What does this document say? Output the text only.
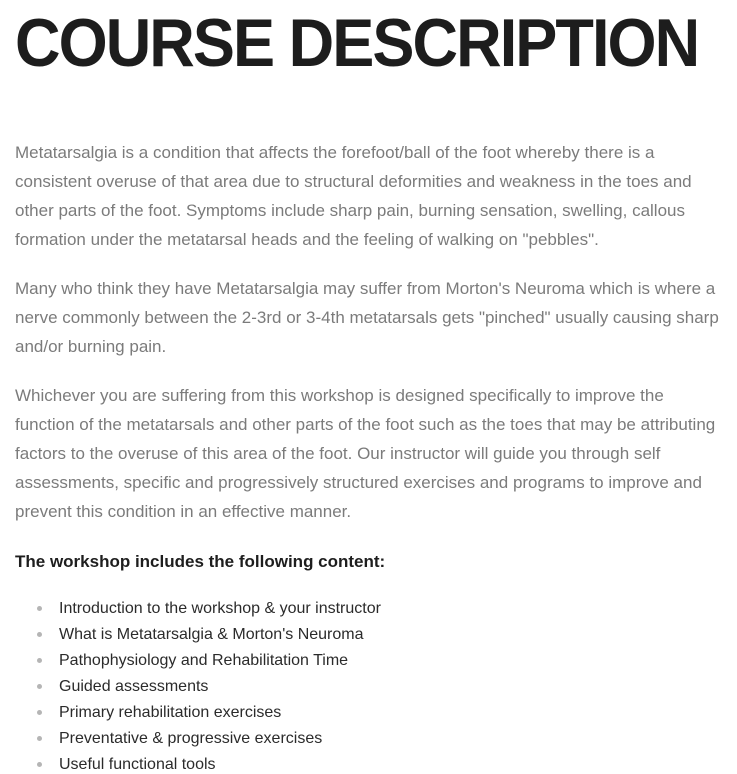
COURSE DESCRIPTION

Metatarsalgia is a condition that affects the forefoot/ball of the foot whereby there is a consistent overuse of that area due to structural deformities and weakness in the toes and other parts of the foot. Symptoms include sharp pain, burning sensation, swelling, callous formation under the metatarsal heads and the feeling of walking on "pebbles".

Many who think they have Metatarsalgia may suffer from Morton's Neuroma which is where a nerve commonly between the 2-3rd or 3-4th metatarsals gets "pinched" usually causing sharp and/or burning pain.

Whichever you are suffering from this workshop is designed specifically to improve the function of the metatarsals and other parts of the foot such as the toes that may be attributing factors to the overuse of this area of the foot. Our instructor will guide you through self assessments, specific and progressively structured exercises and programs to improve and prevent this condition in an effective manner.

The workshop includes the following content:
Introduction to the workshop & your instructor
What is Metatarsalgia & Morton's Neuroma
Pathophysiology and Rehabilitation Time
Guided assessments
Primary rehabilitation exercises
Preventative & progressive exercises
Useful functional tools
